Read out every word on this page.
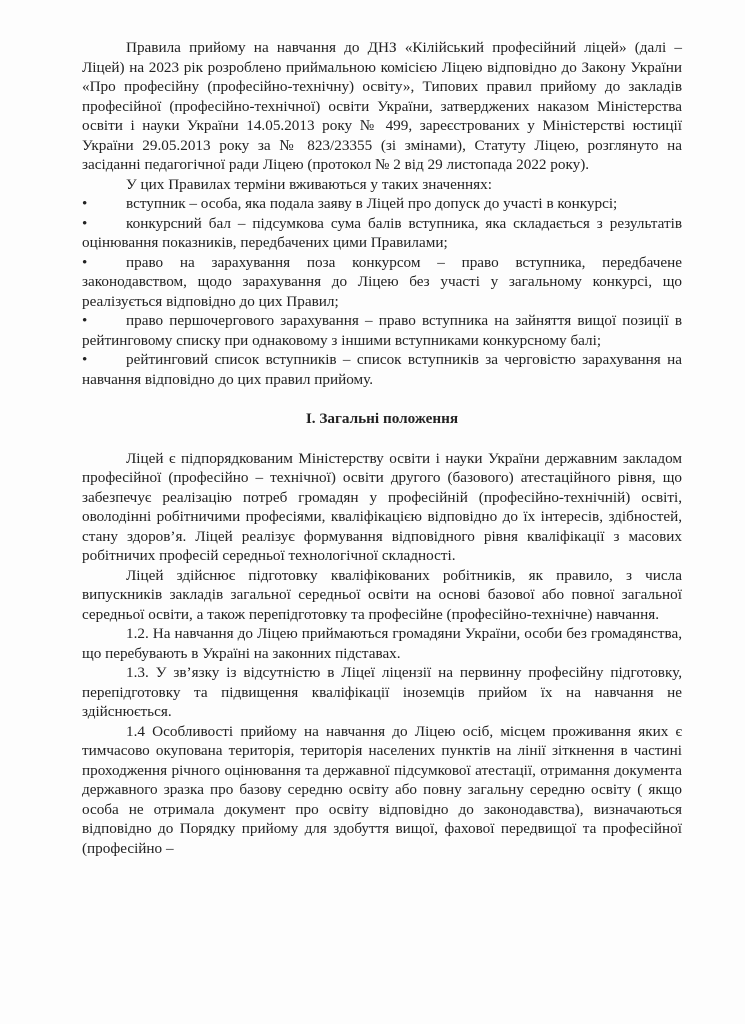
Правила прийому на навчання до ДНЗ «Кілійський професійний ліцей» (далі – Ліцей) на 2023 рік розроблено приймальною комісією Ліцею відповідно до Закону України «Про професійну (професійно-технічну) освіту», Типових правил прийому до закладів професійної (професійно-технічної) освіти України, затверджених наказом Міністерства освіти і науки України 14.05.2013 року № 499, зареєстрованих у Міністерстві юстиції України 29.05.2013 року за № 823/23355 (зі змінами), Статуту Ліцею, розглянуто на засіданні педагогічної ради Ліцею (протокол № 2 від 29 листопада 2022 року).

У цих Правилах терміни вживаються у таких значеннях:

•	вступник – особа, яка подала заяву в Ліцей про допуск до участі в конкурсі;

•	конкурсний бал – підсумкова сума балів вступника, яка складається з результатів оцінювання показників, передбачених цими Правилами;

•	право на зарахування поза конкурсом – право вступника, передбачене законодавством, щодо зарахування до Ліцею без участі у загальному конкурсі, що реалізується відповідно до цих Правил;

•	право першочергового зарахування – право вступника на зайняття вищої позиції в рейтинговому списку при однаковому з іншими вступниками конкурсному балі;

•	рейтинговий список вступників – список вступників за черговістю зарахування на навчання відповідно до цих правил прийому.

І. Загальні положення

Ліцей є підпорядкованим Міністерству освіти і науки України державним закладом професійної (професійно – технічної) освіти другого (базового) атестаційного рівня, що забезпечує реалізацію потреб громадян у професійній (професійно-технічній) освіті, оволодінні робітничими професіями, кваліфікацією відповідно до їх інтересів, здібностей, стану здоров’я. Ліцей реалізує формування відповідного рівня кваліфікації з масових робітничих професій середньої технологічної складності.

Ліцей здійснює підготовку кваліфікованих робітників, як правило, з числа випускників закладів загальної середньої освіти на основі базової або повної загальної середньої освіти, а також перепідготовку та професійне (професійно-технічне) навчання.

1.2. На навчання до Ліцею приймаються громадяни України, особи без громадянства, що перебувають в Україні на законних підставах.

1.3. У зв’язку із відсутністю в Ліцеї ліцензії на первинну професійну підготовку, перепідготовку та підвищення кваліфікації іноземців прийом їх на навчання не здійснюється.

1.4 Особливості прийому на навчання до Ліцею осіб, місцем проживання яких є тимчасово окупована територія, територія населених пунктів на лінії зіткнення в частині проходження річного оцінювання та державної підсумкової атестації, отримання документа державного зразка про базову середню освіту або повну загальну середню освіту ( якщо особа не отримала документ про освіту відповідно до законодавства), визначаються відповідно до Порядку прийому для здобуття вищої, фахової передвищої та професійної (професійно –
